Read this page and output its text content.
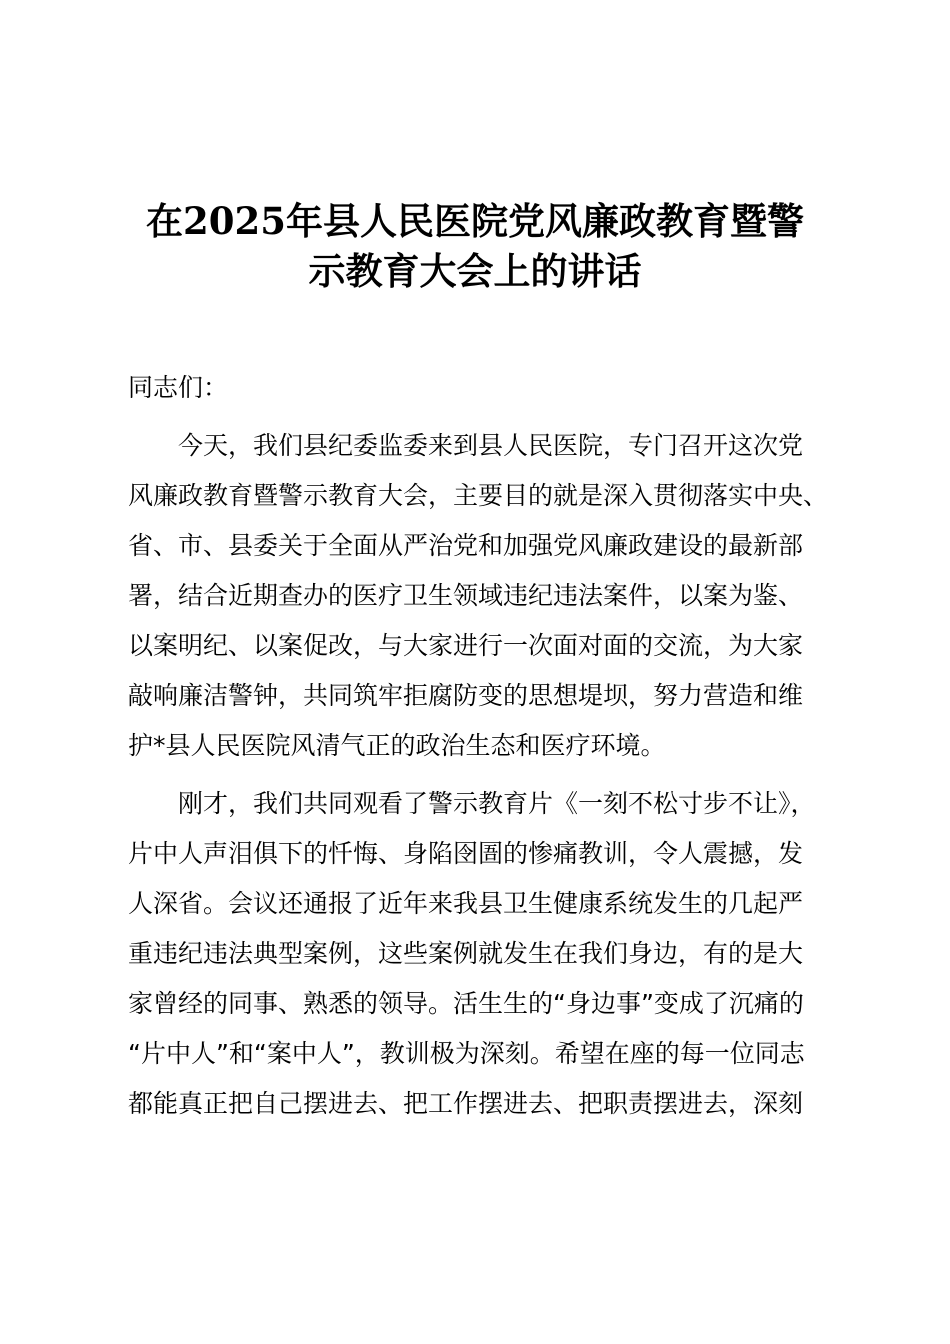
在2025年县人民医院党风廉政教育暨警
示教育大会上的讲话
同志们：
今天，我们县纪委监委来到县人民医院，专门召开这次党
风廉政教育暨警示教育大会，主要目的就是深入贯彻落实中央、
省、市、县委关于全面从严治党和加强党风廉政建设的最新部
署，结合近期查办的医疗卫生领域违纪违法案件，以案为鉴、
以案明纪、以案促改，与大家进行一次面对面的交流，为大家
敲响廉洁警钟，共同筑牢拒腐防变的思想堤坝，努力营造和维
护*县人民医院风清气正的政治生态和医疗环境。
刚才，我们共同观看了警示教育片《一刻不松寸步不让》，
片中人声泪俱下的忏悔、身陷囹圄的惨痛教训，令人震撼，发
人深省。会议还通报了近年来我县卫生健康系统发生的几起严
重违纪违法典型案例，这些案例就发生在我们身边，有的是大
家曾经的同事、熟悉的领导。活生生的“身边事”变成了沉痛的
“片中人”和“案中人”，教训极为深刻。希望在座的每一位同志
都能真正把自己摆进去、把工作摆进去、把职责摆进去，深刻
